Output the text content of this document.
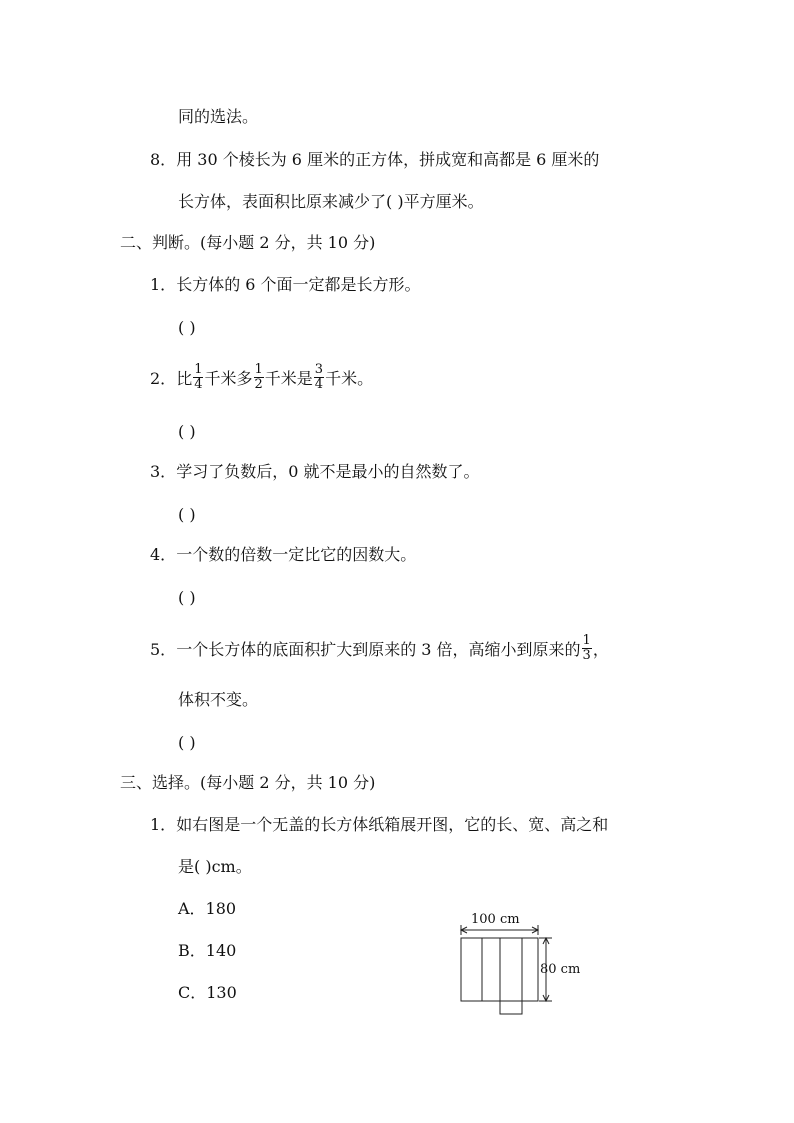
同的选法。
8．用 30 个棱长为 6 厘米的正方体，拼成宽和高都是 6 厘米的
长方体，表面积比原来减少了( )平方厘米。
二、判断。(每小题 2 分，共 10 分)
1．长方体的 6 个面一定都是长方形。
( )
2．比 $\frac{1}{4}$ 千米多 $\frac{1}{2}$ 千米是 $\frac{3}{4}$ 千米。
( )
3．学习了负数后，0 就不是最小的自然数了。
( )
4．一个数的倍数一定比它的因数大。
( )
5．一个长方体的底面积扩大到原来的 3 倍，高缩小到原来的 $\frac{1}{3}$ ，
体积不变。
( )
三、选择。(每小题 2 分，共 10 分)
1．如右图是一个无盖的长方体纸箱展开图，它的长、宽、高之和
是( )cm。
A．180
B．140
C．130
100 cm
80 cm
